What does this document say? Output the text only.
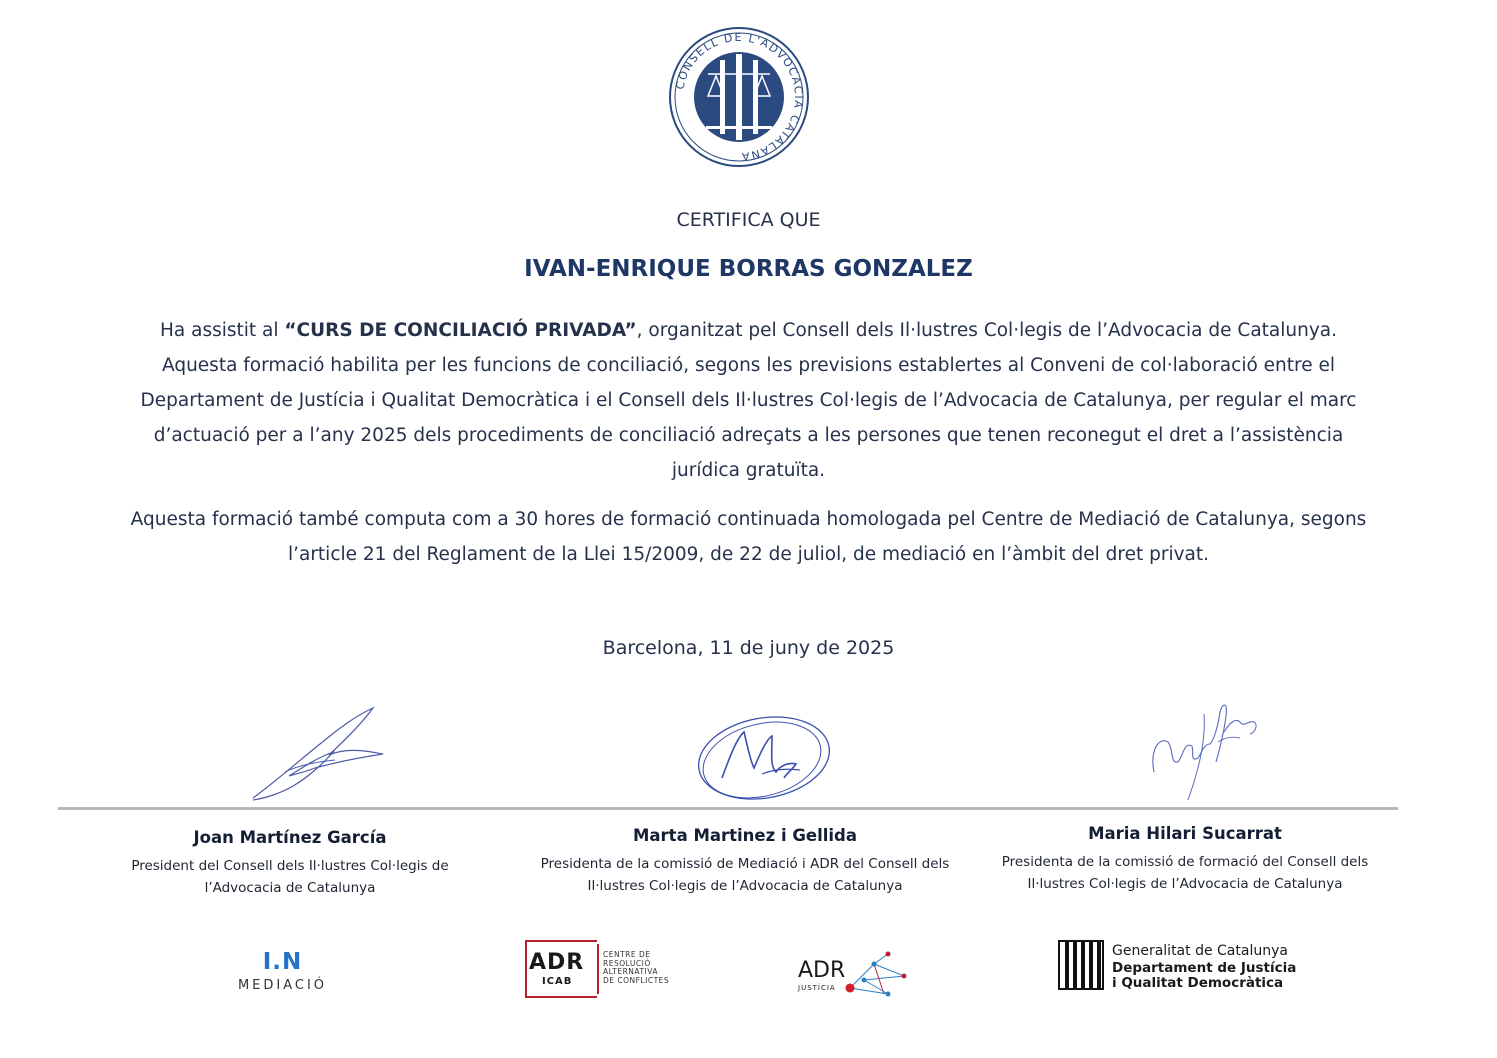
CONSELL DE L'ADVOCACIA CATALANA
CERTIFICA QUE
IVAN-ENRIQUE BORRAS GONZALEZ
Ha assistit al “CURS DE CONCILIACIÓ PRIVADA”, organitzat pel Consell dels Il·lustres Col·legis de l’Advocacia de Catalunya. Aquesta formació habilita per les funcions de conciliació, segons les previsions establertes al Conveni de col·laboració entre el Departament de Justícia i Qualitat Democràtica i el Consell dels Il·lustres Col·legis de l’Advocacia de Catalunya, per regular el marc d’actuació per a l’any 2025 dels procediments de conciliació adreçats a les persones que tenen reconegut el dret a l’assistència jurídica gratuïta.
Aquesta formació també computa com a 30 hores de formació continuada homologada pel Centre de Mediació de Catalunya, segons l’article 21 del Reglament de la Llei 15/2009, de 22 de juliol, de mediació en l’àmbit del dret privat.
Barcelona, 11 de juny de 2025
Joan Martínez García
President del Consell dels Il·lustres Col·legis de l’Advocacia de Catalunya
Marta Martinez i Gellida
Presidenta de la comissió de Mediació i ADR del Consell dels Il·lustres Col·legis de l’Advocacia de Catalunya
Maria Hilari Sucarrat
Presidenta de la comissió de formació del Consell dels Il·lustres Col·legis de l’Advocacia de Catalunya
I.N
MEDIACIÓ
ADR
ICAB
CENTRE DE
RESOLUCIÓ
ALTERNATIVA
DE CONFLICTES	ADR
JUSTÍCIA
Generalitat de Catalunya
Departament de Justícia
i Qualitat Democràtica
